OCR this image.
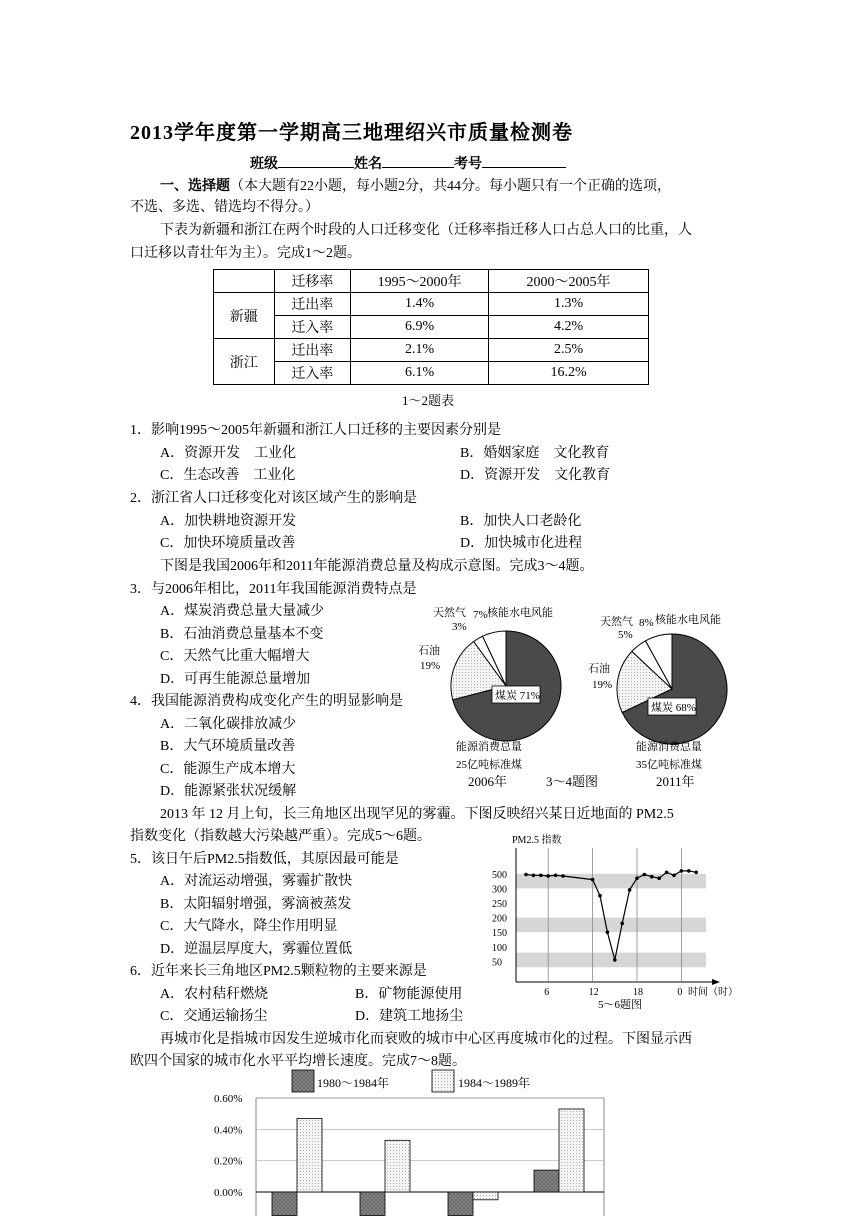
2013学年度第一学期高三地理绍兴市质量检测卷
班级	姓名	考号
一、选择题（本大题有22小题，每小题2分，共44分。每小题只有一个正确的选项，
不选、多选、错选均不得分。）
下表为新疆和浙江在两个时段的人口迁移变化（迁移率指迁移人口占总人口的比重，人
口迁移以青壮年为主）。完成1～2题。
	迁移率	1995～2000年	2000～2005年
新疆	迁出率	1.4%	1.3%
	迁入率	6.9%	4.2%
浙江	迁出率	2.1%	2.5%
	迁入率	6.1%	16.2%
1～2题表
1．影响1995～2005年新疆和浙江人口迁移的主要因素分别是
A．资源开发　工业化	B．婚姻家庭　文化教育
C．生态改善　工业化	D．资源开发　文化教育
2．浙江省人口迁移变化对该区域产生的影响是
A．加快耕地资源开发	B．加快人口老龄化
C．加快环境质量改善	D．加快城市化进程
下图是我国2006年和2011年能源消费总量及构成示意图。完成3～4题。
3．与2006年相比，2011年我国能源消费特点是
A．煤炭消费总量大量减少
B．石油消费总量基本不变
C．天然气比重大幅增大
D．可再生能源总量增加
4．我国能源消费构成变化产生的明显影响是
A．二氧化碳排放减少
B．大气环境质量改善
C．能源生产成本增大
D．能源紧张状况缓解
天然气
3%
7% 核能水电风能
石油
19%
煤炭 71%
能源消费总量
25亿吨标准煤
2006年
天然气
5%
8% 核能水电风能
石油
19%
煤炭 68%
能源消费总量
35亿吨标准煤
2011年
3～4题图
2013 年 12 月上旬，长三角地区出现罕见的雾霾。下图反映绍兴某日近地面的 PM2.5
指数变化（指数越大污染越严重）。完成5～6题。
5．该日午后PM2.5指数低，其原因最可能是
A．对流运动增强，雾霾扩散快
B．太阳辐射增强，雾滴被蒸发
C．大气降水，降尘作用明显
D．逆温层厚度大，雾霾位置低
6．近年来长三角地区PM2.5颗粒物的主要来源是
A．农村秸秆燃烧	B．矿物能源使用
C．交通运输扬尘	D．建筑工地扬尘
PM2.5 指数
500
300
250
200
150
100
50
6	12	18	0 时间（时）
5～6题图
再城市化是指城市因发生逆城市化而衰败的城市中心区再度城市化的过程。下图显示西
欧四个国家的城市化水平平均增长速度。完成7～8题。
1980～1984年	1984～1989年
0.60%
0.40%
0.20%
0.00%
